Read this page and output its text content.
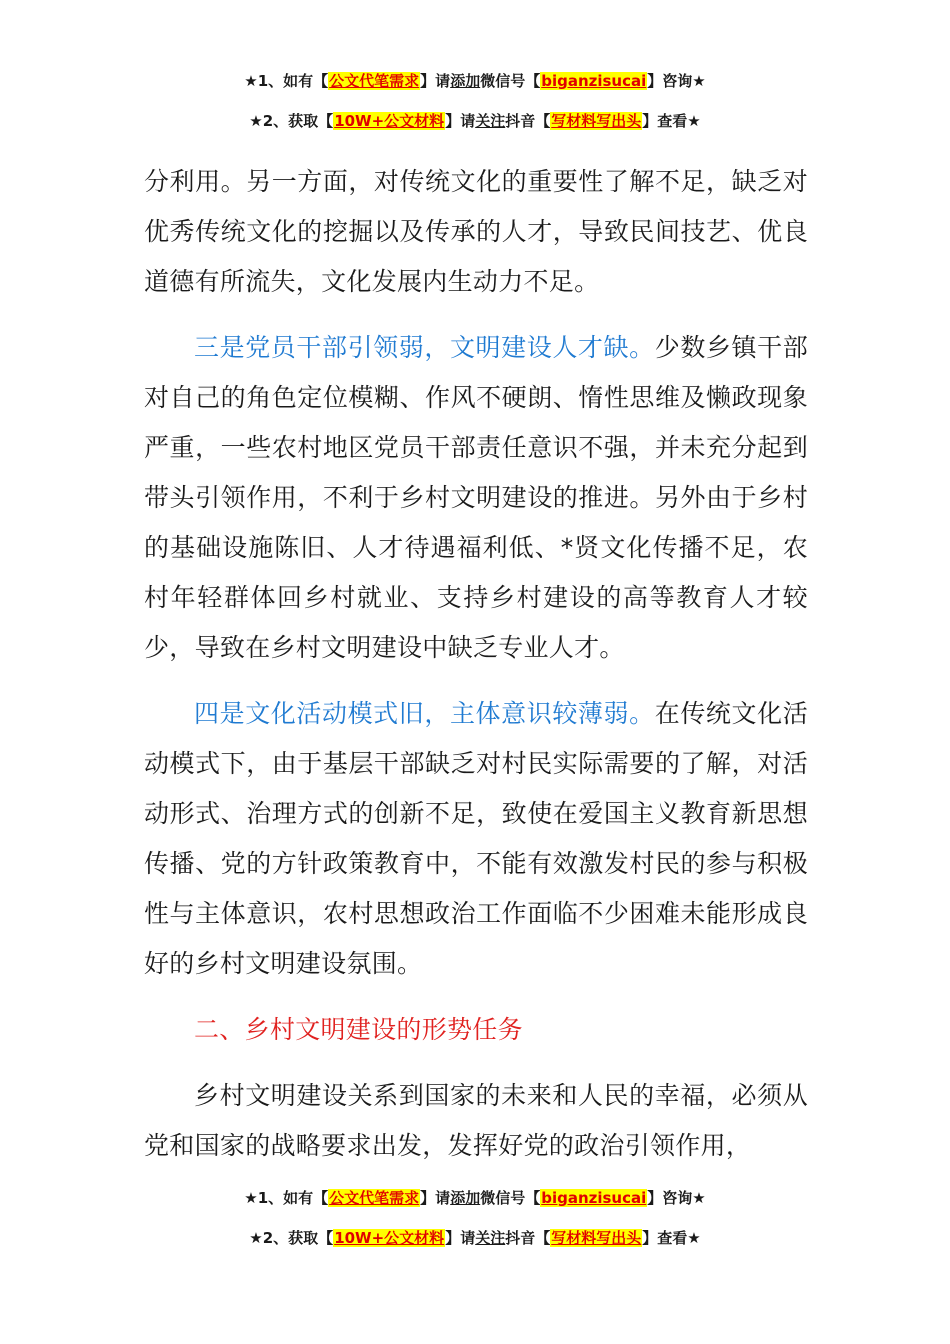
★1、如有【公文代笔需求】请添加微信号【biganzisucai】咨询★
★2、获取【10W+公文材料】请关注抖音【写材料写出头】查看★

分利用。另一方面，对传统文化的重要性了解不足，缺乏对优秀传统文化的挖掘以及传承的人才，导致民间技艺、优良道德有所流失，文化发展内生动力不足。

三是党员干部引领弱，文明建设人才缺。少数乡镇干部对自己的角色定位模糊、作风不硬朗、惰性思维及懒政现象严重，一些农村地区党员干部责任意识不强，并未充分起到带头引领作用，不利于乡村文明建设的推进。另外由于乡村的基础设施陈旧、人才待遇福利低、*贤文化传播不足，农村年轻群体回乡村就业、支持乡村建设的高等教育人才较少，导致在乡村文明建设中缺乏专业人才。

四是文化活动模式旧，主体意识较薄弱。在传统文化活动模式下，由于基层干部缺乏对村民实际需要的了解，对活动形式、治理方式的创新不足，致使在爱国主义教育新思想传播、党的方针政策教育中，不能有效激发村民的参与积极性与主体意识，农村思想政治工作面临不少困难未能形成良好的乡村文明建设氛围。

二、乡村文明建设的形势任务

乡村文明建设关系到国家的未来和人民的幸福，必须从党和国家的战略要求出发，发挥好党的政治引领作用，

★1、如有【公文代笔需求】请添加微信号【biganzisucai】咨询★
★2、获取【10W+公文材料】请关注抖音【写材料写出头】查看★
